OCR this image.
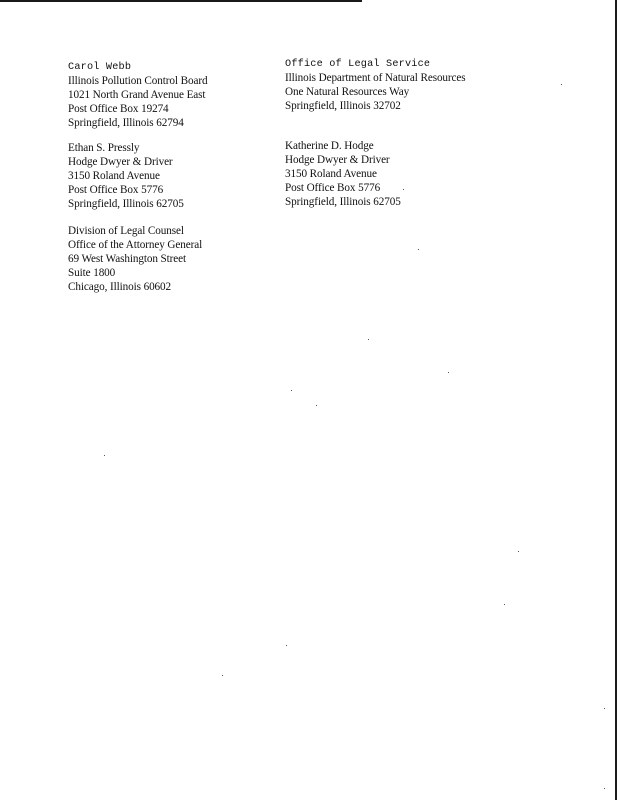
Carol Webb
Illinois Pollution Control Board
1021 North Grand Avenue East
Post Office Box 19274
Springfield, Illinois 62794
Office of Legal Service
Illinois Department of Natural Resources
One Natural Resources Way
Springfield, Illinois 32702
Ethan S. Pressly
Hodge Dwyer & Driver
3150 Roland Avenue
Post Office Box 5776
Springfield, Illinois 62705
Katherine D. Hodge
Hodge Dwyer & Driver
3150 Roland Avenue
Post Office Box 5776
Springfield, Illinois 62705
Division of Legal Counsel
Office of the Attorney General
69 West Washington Street
Suite 1800
Chicago, Illinois 60602
